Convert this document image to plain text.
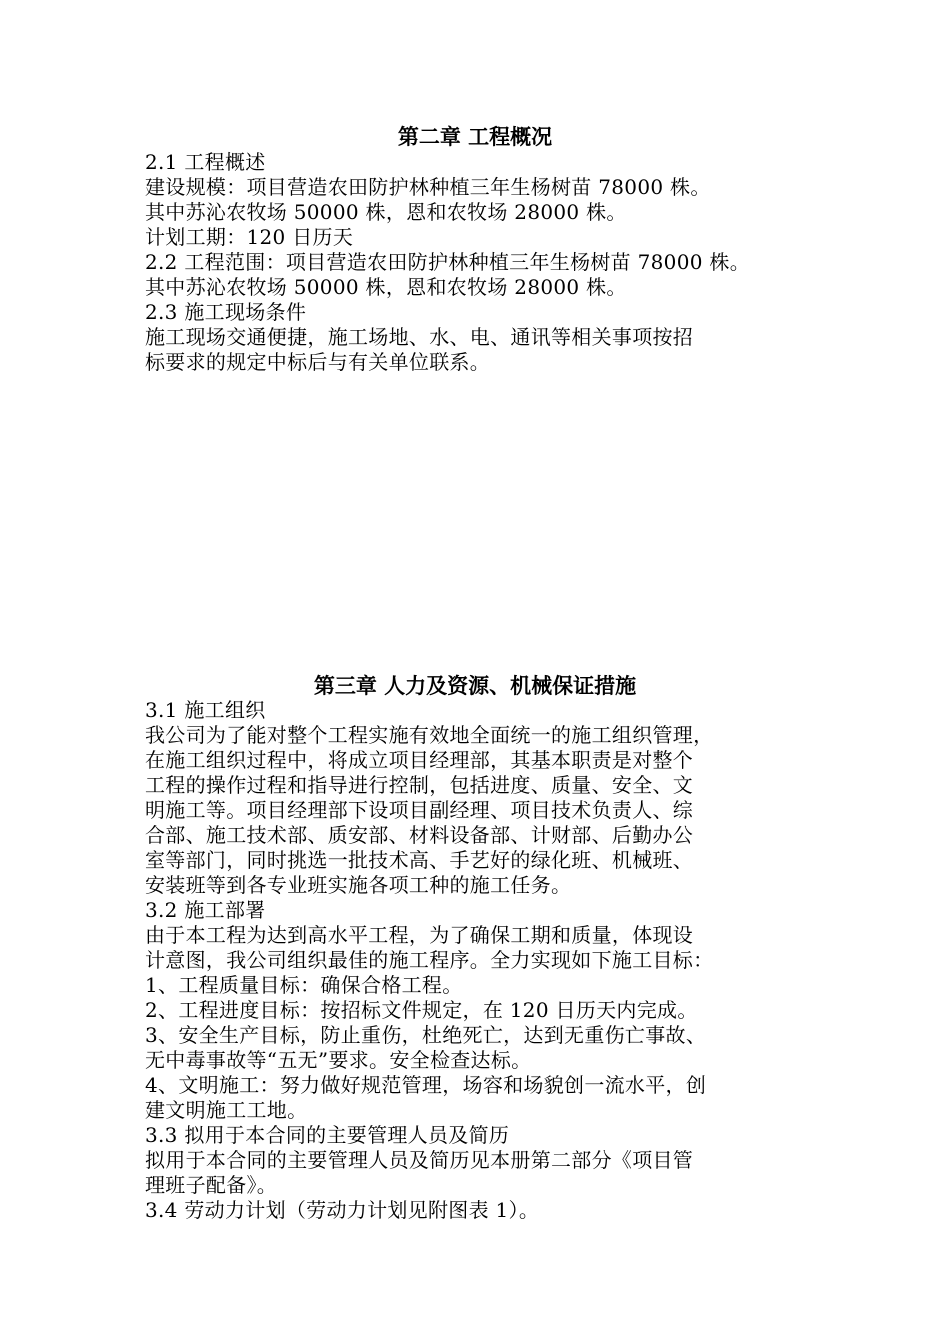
第二章 工程概况
2.1 工程概述
建设规模：项目营造农田防护林种植三年生杨树苗 78000 株。
其中苏沁农牧场 50000 株，恩和农牧场 28000 株。
计划工期：120 日历天
2.2 工程范围：项目营造农田防护林种植三年生杨树苗 78000 株。
其中苏沁农牧场 50000 株，恩和农牧场 28000 株。
2.3 施工现场条件
施工现场交通便捷，施工场地、水、电、通讯等相关事项按招
标要求的规定中标后与有关单位联系。
第三章 人力及资源、机械保证措施
3.1 施工组织
我公司为了能对整个工程实施有效地全面统一的施工组织管理，
在施工组织过程中，将成立项目经理部，其基本职责是对整个
工程的操作过程和指导进行控制，包括进度、质量、安全、文
明施工等。项目经理部下设项目副经理、项目技术负责人、综
合部、施工技术部、质安部、材料设备部、计财部、后勤办公
室等部门，同时挑选一批技术高、手艺好的绿化班、机械班、
安装班等到各专业班实施各项工种的施工任务。
3.2 施工部署
由于本工程为达到高水平工程，为了确保工期和质量，体现设
计意图，我公司组织最佳的施工程序。全力实现如下施工目标：
1、工程质量目标：确保合格工程。
2、工程进度目标：按招标文件规定，在 120 日历天内完成。
3、安全生产目标，防止重伤，杜绝死亡，达到无重伤亡事故、
无中毒事故等“五无”要求。安全检查达标。
4、文明施工：努力做好规范管理，场容和场貌创一流水平，创
建文明施工工地。
3.3 拟用于本合同的主要管理人员及简历
拟用于本合同的主要管理人员及简历见本册第二部分《项目管
理班子配备》。
3.4 劳动力计划（劳动力计划见附图表 1）。
